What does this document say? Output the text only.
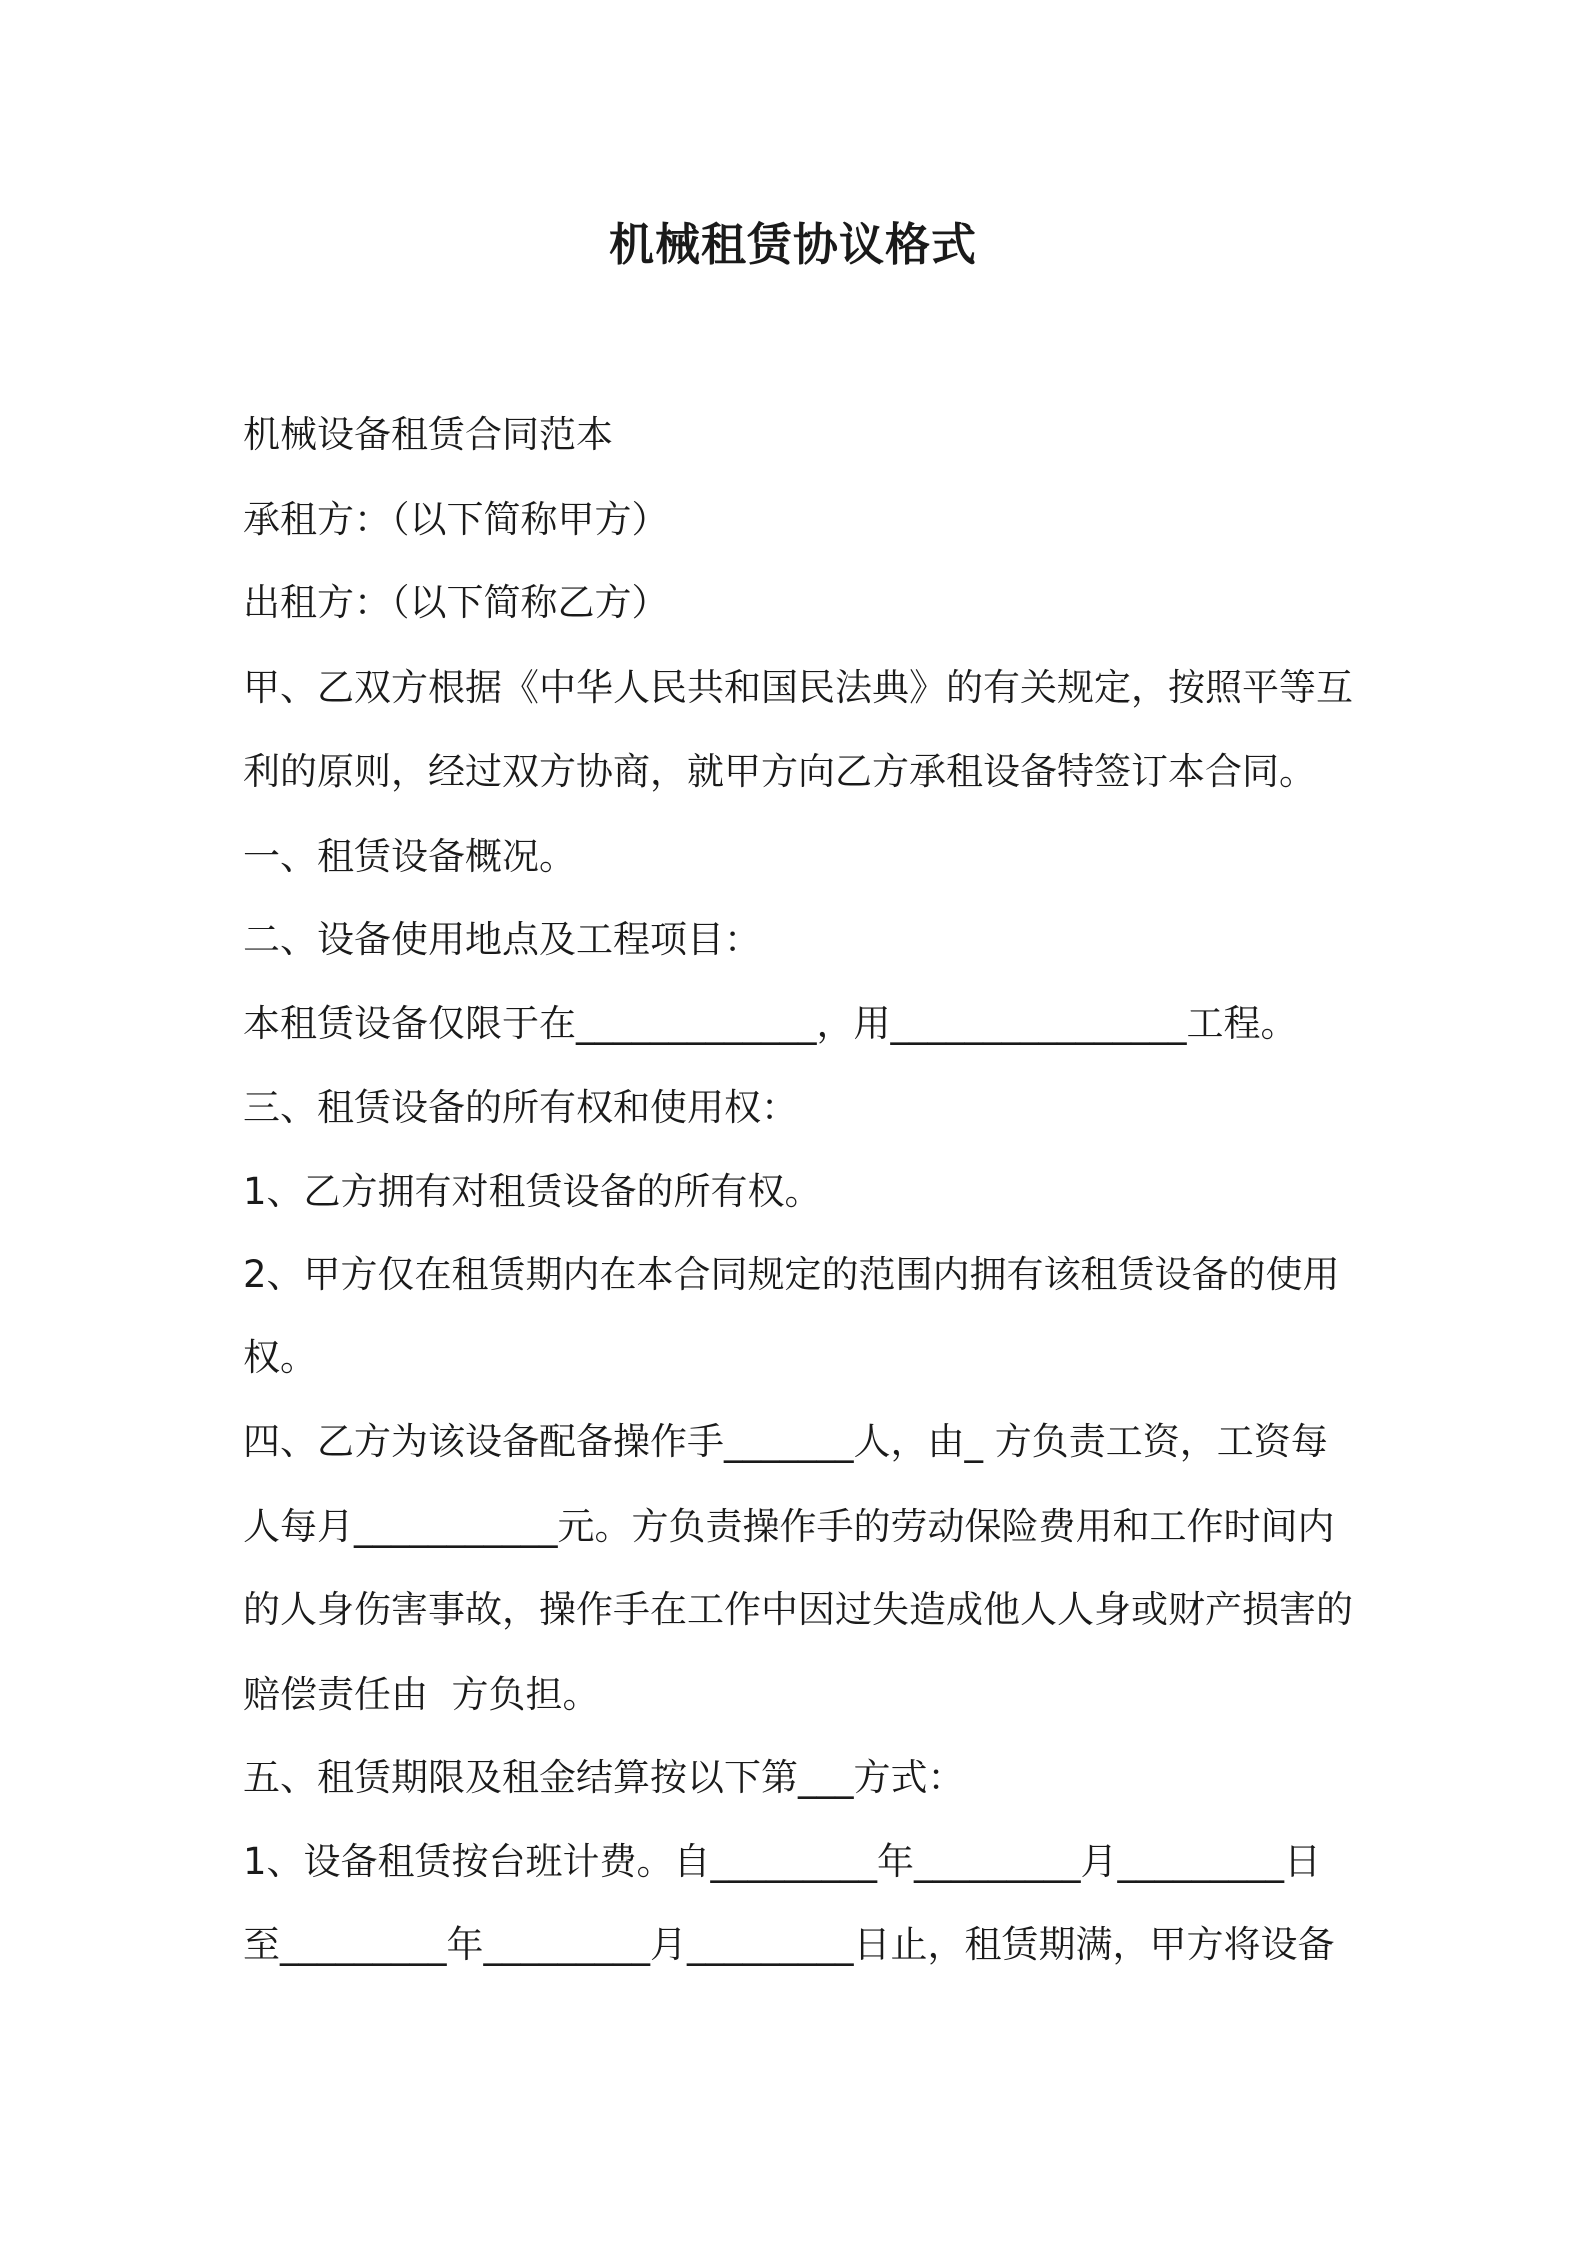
机械租赁协议格式

机械设备租赁合同范本

承租方：（以下简称甲方）

出租方：（以下简称乙方）

甲、乙双方根据《中华人民共和国民法典》的有关规定，按照平等互

利的原则，经过双方协商，就甲方向乙方承租设备特签订本合同。

一、租赁设备概况。

二、设备使用地点及工程项目：

本租赁设备仅限于在_____________，用________________工程。

三、租赁设备的所有权和使用权：

1、乙方拥有对租赁设备的所有权。

2、甲方仅在租赁期内在本合同规定的范围内拥有该租赁设备的使用

权。

四、乙方为该设备配备操作手_______人，由_ 方负责工资，工资每

人每月___________元。方负责操作手的劳动保险费用和工作时间内

的人身伤害事故，操作手在工作中因过失造成他人人身或财产损害的

赔偿责任由  方负担。

五、租赁期限及租金结算按以下第___方式：

1、设备租赁按台班计费。自_________年_________月_________日

至_________年_________月_________日止，租赁期满，甲方将设备
